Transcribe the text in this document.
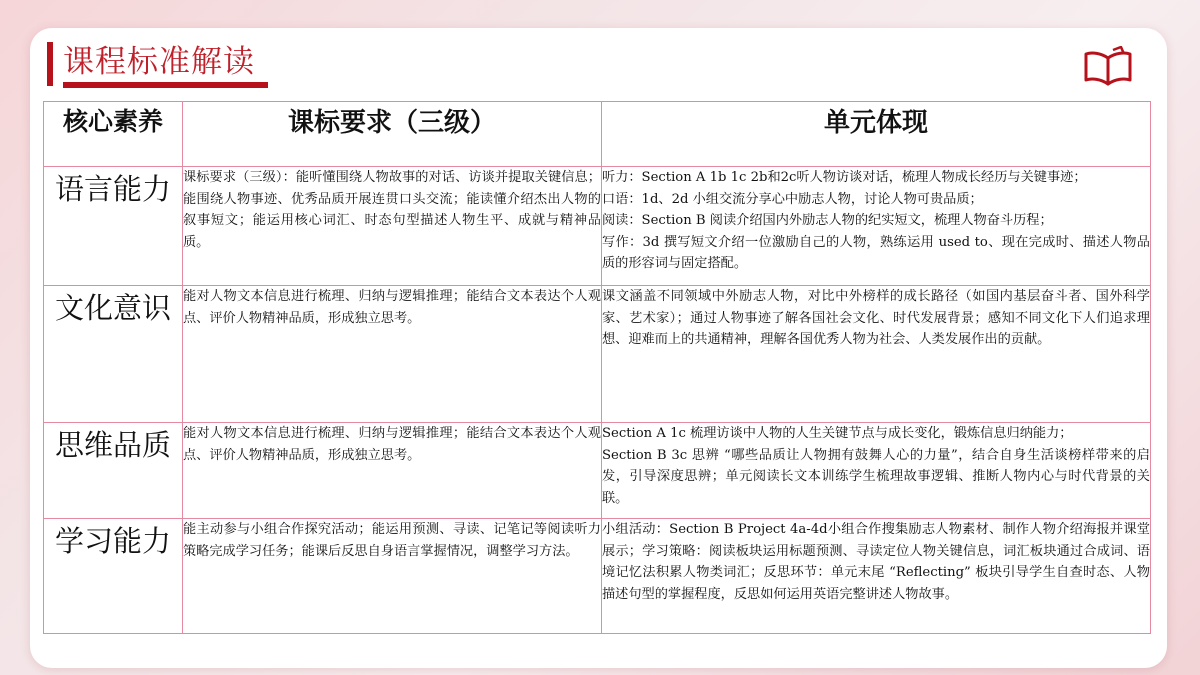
课程标准解读
核心素养	课标要求（三级）	单元体现
语言能力	课标要求（三级）：能听懂围绕人物故事的对话、访谈并提取关键信息；能围绕人物事迹、优秀品质开展连贯口头交流；能读懂介绍杰出人物的叙事短文；能运用核心词汇、时态句型描述人物生平、成就与精神品质。	听力：Section A 1b 1c 2b和2c听人物访谈对话，梳理人物成长经历与关键事迹；
口语：1d、2d 小组交流分享心中励志人物，讨论人物可贵品质；
阅读：Section B 阅读介绍国内外励志人物的纪实短文，梳理人物奋斗历程；
写作：3d 撰写短文介绍一位激励自己的人物，熟练运用 used to、现在完成时、描述人物品质的形容词与固定搭配。

文化意识	能对人物文本信息进行梳理、归纳与逻辑推理；能结合文本表达个人观点、评价人物精神品质，形成独立思考。	课文涵盖不同领域中外励志人物，对比中外榜样的成长路径（如国内基层奋斗者、国外科学家、艺术家）；通过人物事迹了解各国社会文化、时代发展背景；感知不同文化下人们追求理想、迎难而上的共通精神，理解各国优秀人物为社会、人类发展作出的贡献。

思维品质	能对人物文本信息进行梳理、归纳与逻辑推理；能结合文本表达个人观点、评价人物精神品质，形成独立思考。	Section A 1c 梳理访谈中人物的人生关键节点与成长变化，锻炼信息归纳能力；
Section B 3c 思辨 “哪些品质让人物拥有鼓舞人心的力量”，结合自身生活谈榜样带来的启发，引导深度思辨；单元阅读长文本训练学生梳理故事逻辑、推断人物内心与时代背景的关联。

学习能力	能主动参与小组合作探究活动；能运用预测、寻读、记笔记等阅读听力策略完成学习任务；能课后反思自身语言掌握情况，调整学习方法。	小组活动：Section B Project 4a-4d小组合作搜集励志人物素材、制作人物介绍海报并课堂展示；学习策略：阅读板块运用标题预测、寻读定位人物关键信息，词汇板块通过合成词、语境记忆法积累人物类词汇；反思环节：单元末尾 “Reflecting” 板块引导学生自查时态、人物描述句型的掌握程度，反思如何运用英语完整讲述人物故事。
